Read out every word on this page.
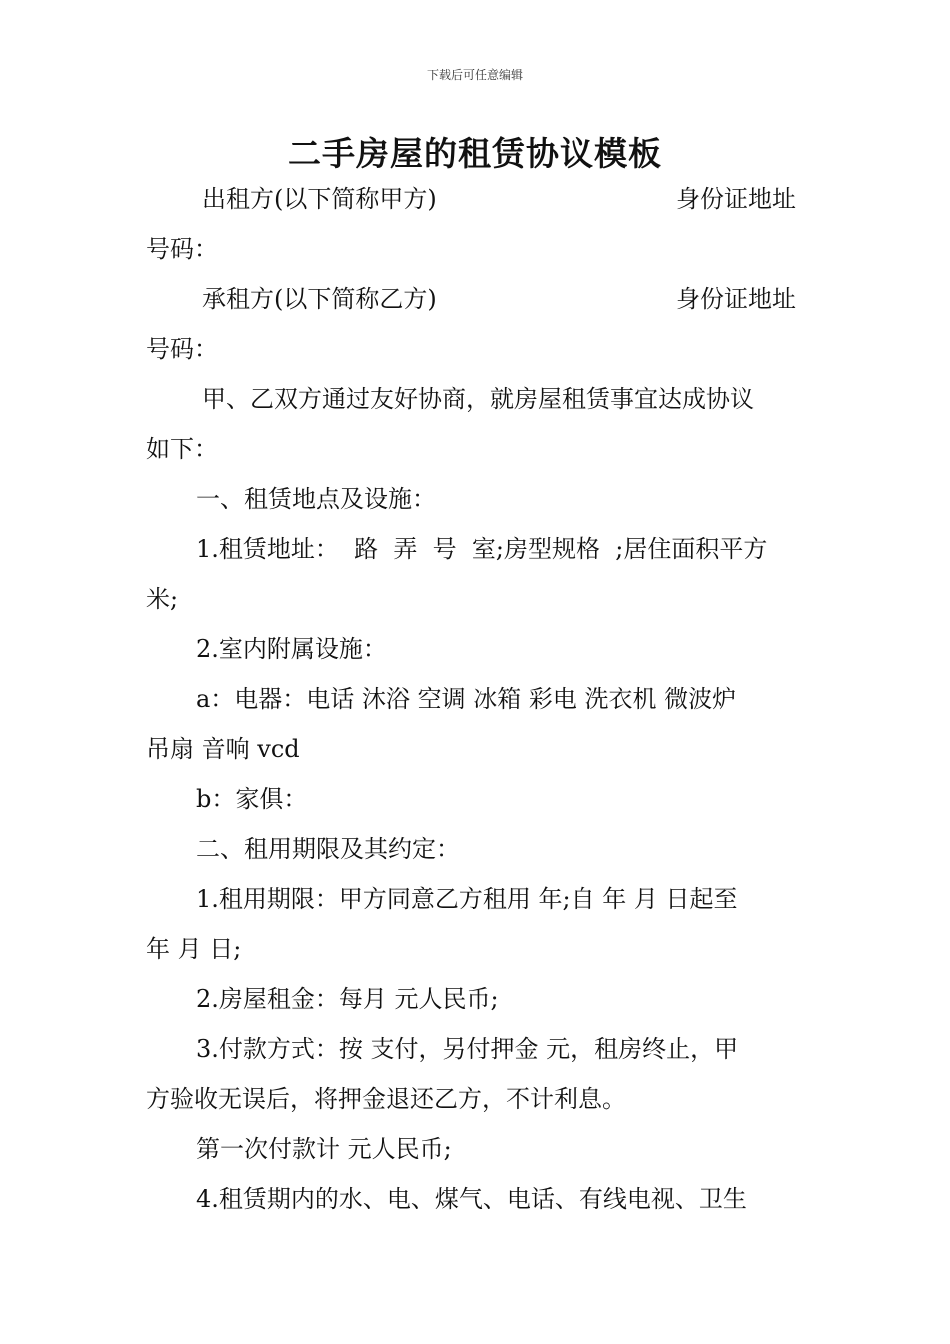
下载后可任意编辑
二手房屋的租赁协议模板
出租方(以下简称甲方)	身份证地址
号码：
承租方(以下简称乙方)	身份证地址
号码：
甲、乙双方通过友好协商，就房屋租赁事宜达成协议
如下：
一、租赁地点及设施：
1.租赁地址：  路  弄  号  室;房型规格  ;居住面积平方
米;
2.室内附属设施：
a：电器：电话 沐浴 空调 冰箱 彩电 洗衣机 微波炉
吊扇 音响 vcd
b：家俱：
二、租用期限及其约定：
1.租用期限：甲方同意乙方租用 年;自 年 月 日起至
年 月 日;
2.房屋租金：每月 元人民币;
3.付款方式：按 支付，另付押金 元，租房终止，甲
方验收无误后，将押金退还乙方，不计利息。
第一次付款计 元人民币;
4.租赁期内的水、电、煤气、电话、有线电视、卫生
